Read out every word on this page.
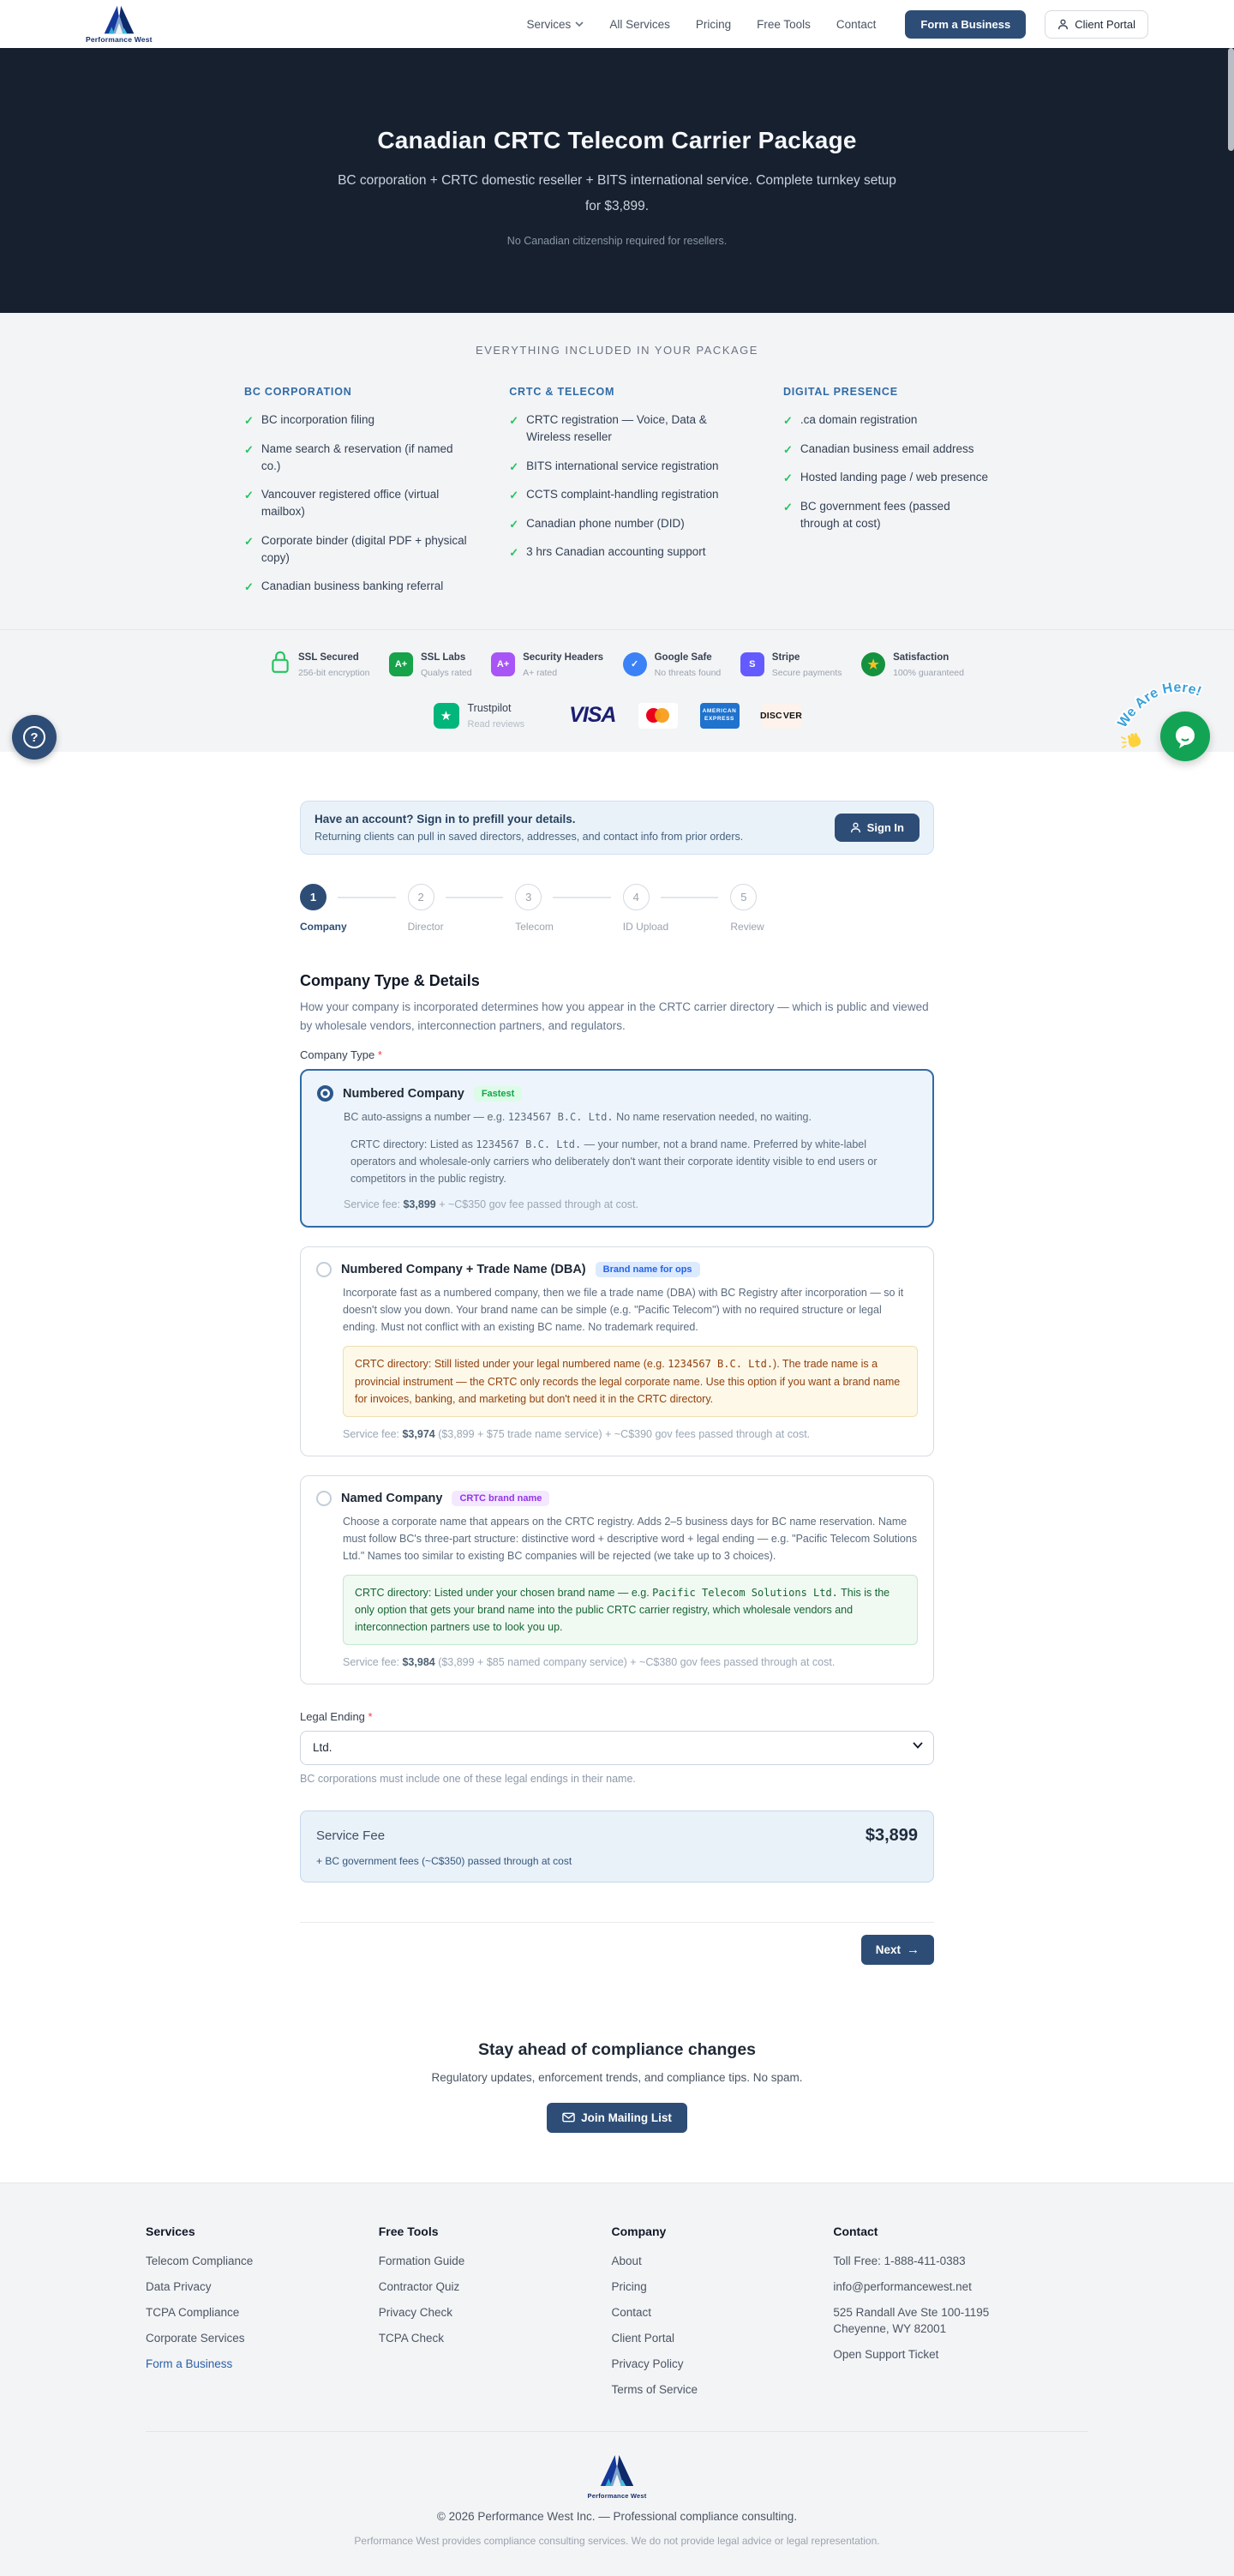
Performance West
Services	All Services Pricing Free Tools Contact	Form a Business	Client Portal
Canadian CRTC Telecom Carrier Package

BC corporation + CRTC domestic reseller + BITS international service. Complete turnkey setup for $3,899.

No Canadian citizenship required for resellers.

EVERYTHING INCLUDED IN YOUR PACKAGE
BC CORPORATION
✓ BC incorporation filing
✓ Name search & reservation (if named co.)
✓ Vancouver registered office (virtual mailbox)
✓ Corporate binder (digital PDF + physical copy)
✓ Canadian business banking referral
CRTC & TELECOM
✓ CRTC registration — Voice, Data & Wireless reseller
✓ BITS international service registration
✓ CCTS complaint-handling registration
✓ Canadian phone number (DID)
✓ 3 hrs Canadian accounting support
DIGITAL PRESENCE
✓ .ca domain registration
✓ Canadian business email address
✓ Hosted landing page / web presence
✓ BC government fees (passed through at cost)
SSL Secured
256-bit encryption
A+
SSL Labs
Qualys rated
A+
Security Headers
A+ rated
✓
Google Safe
No threats found
S
Stripe
Secure payments
★	Satisfaction
100% guaranteed
★
Trustpilot
Read reviews VISA	AMERICAN
EXPRESS	DISC VER
Have an account? Sign in to prefill your details.
Returning clients can pull in saved directors, addresses, and contact info from prior orders.
Sign In
1
Company
2
Director
3
Telecom
4
ID Upload
5
Review
Company Type & Details

How your company is incorporated determines how you appear in the CRTC carrier directory — which is public and viewed by wholesale vendors, interconnection partners, and regulators.

Company Type *
Numbered Company	Fastest

BC auto-assigns a number — e.g. 1234567 B.C. Ltd. No name reservation needed, no waiting.

CRTC directory: Listed as 1234567 B.C. Ltd. — your number, not a brand name. Preferred by white-label operators and wholesale-only carriers who deliberately don't want their corporate identity visible to end users or competitors in the public registry.

Service fee: $3,899 + ~C$350 gov fee passed through at cost.

Numbered Company + Trade Name (DBA)	Brand name for ops

Incorporate fast as a numbered company, then we file a trade name (DBA) with BC Registry after incorporation — so it doesn't slow you down. Your brand name can be simple (e.g. "Pacific Telecom") with no required structure or legal ending. Must not conflict with an existing BC name. No trademark required.

CRTC directory: Still listed under your legal numbered name (e.g. 1234567 B.C. Ltd.). The trade name is a provincial instrument — the CRTC only records the legal corporate name. Use this option if you want a brand name for invoices, banking, and marketing but don't need it in the CRTC directory.

Service fee: $3,974 ($3,899 + $75 trade name service) + ~C$390 gov fees passed through at cost.

Named Company	CRTC brand name

Choose a corporate name that appears on the CRTC registry. Adds 2–5 business days for BC name reservation. Name must follow BC's three-part structure: distinctive word + descriptive word + legal ending — e.g. "Pacific Telecom Solutions Ltd." Names too similar to existing BC companies will be rejected (we take up to 3 choices).

CRTC directory: Listed under your chosen brand name — e.g. Pacific Telecom Solutions Ltd. This is the only option that gets your brand name into the public CRTC carrier registry, which wholesale vendors and interconnection partners use to look you up.

Service fee: $3,984 ($3,899 + $85 named company service) + ~C$380 gov fees passed through at cost.

Legal Ending *
Ltd.

BC corporations must include one of these legal endings in their name.

Service Fee	$3,899
+ BC government fees (~C$350) passed through at cost
Next →
Stay ahead of compliance changes

Regulatory updates, enforcement trends, and compliance tips. No spam.

Join Mailing List
Services
Telecom Compliance
Data Privacy
TCPA Compliance
Corporate Services
Form a Business
Free Tools
Formation Guide
Contractor Quiz
Privacy Check
TCPA Check
Company
About
Pricing
Contact
Client Portal
Privacy Policy
Terms of Service
Contact
Toll Free: 1-888-411-0383
info@performancewest.net
525 Randall Ave Ste 100-1195
Cheyenne, WY 82001
Open Support Ticket
Performance West
© 2026 Performance West Inc. — Professional compliance consulting.
Performance West provides compliance consulting services. We do not provide legal advice or legal representation.
?
We Are Here!
